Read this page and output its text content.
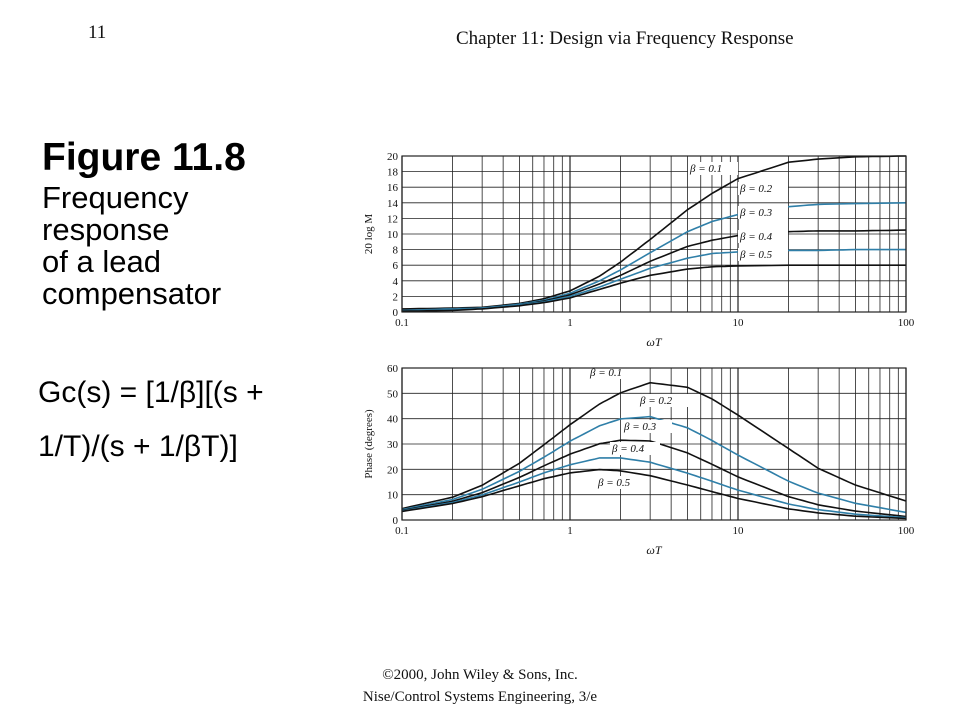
11	Chapter 11: Design via Frequency Response
Figure 11.8
Frequency
response
of a lead
compensator
Gc(s) = [1/β][(s +
1/T)/(s + 1/βT)]
0
2
4
6
8
10
12
14
16
18
20
0.1	1	10	100
ωT
20 log M
β = 0.1
β = 0.2
β = 0.3
β = 0.4
β = 0.5
0
10
20
30
40
50
60
0.1	1	10	100
ωT
Phase (degrees)
β = 0.1
β = 0.2
β = 0.3
β = 0.4
β = 0.5
©2000, John Wiley & Sons, Inc.
Nise/Control Systems Engineering, 3/e
